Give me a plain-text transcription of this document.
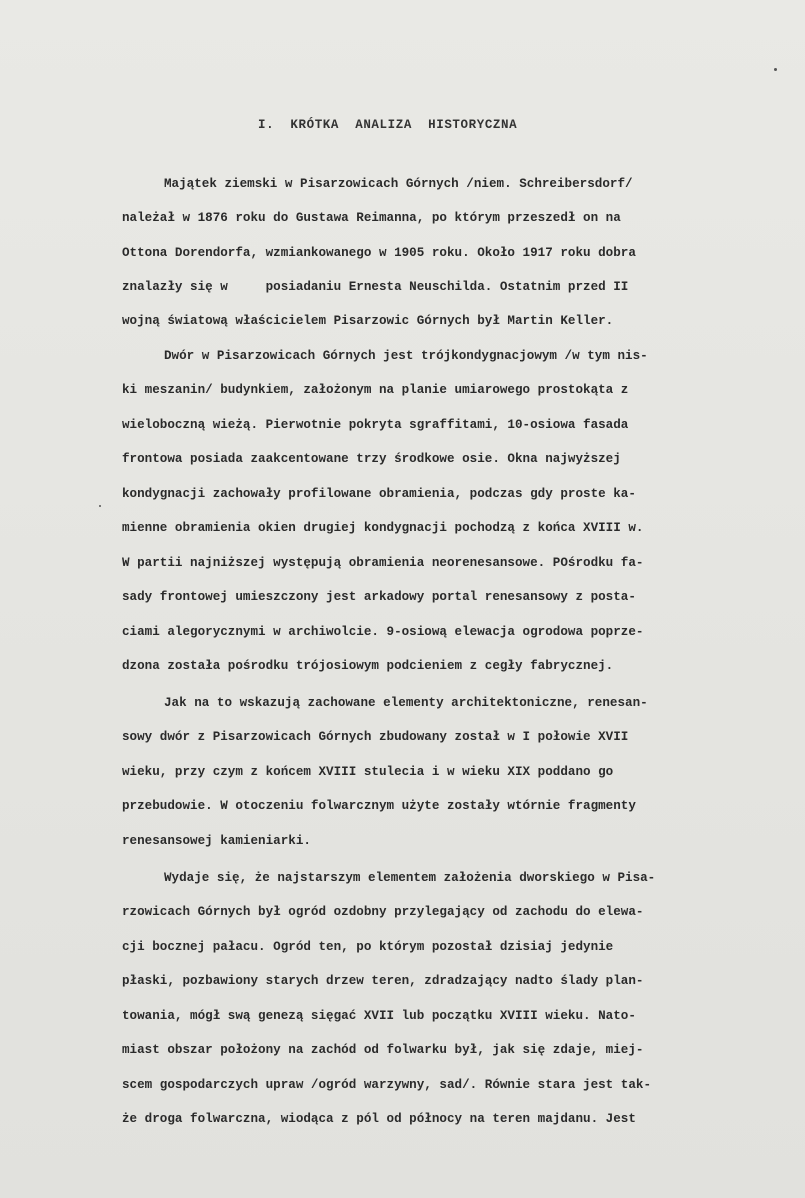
I.  KRÓTKA  ANALIZA  HISTORYCZNA
Majątek ziemski w Pisarzowicach Górnych /niem. Schreibersdorf/
należał w 1876 roku do Gustawa Reimanna, po którym przeszedł on na
Ottona Dorendorfa, wzmiankowanego w 1905 roku. Około 1917 roku dobra
znalazły się w     posiadaniu Ernesta Neuschilda. Ostatnim przed II
wojną światową właścicielem Pisarzowic Górnych był Martin Keller.
Dwór w Pisarzowicach Górnych jest trójkondygnacjowym /w tym nis-
ki meszanin/ budynkiem, założonym na planie umiarowego prostokąta z
wieloboczną wieżą. Pierwotnie pokryta sgraffitami, 10-osiowa fasada
frontowa posiada zaakcentowane trzy środkowe osie. Okna najwyższej
kondygnacji zachowały profilowane obramienia, podczas gdy proste ka-
mienne obramienia okien drugiej kondygnacji pochodzą z końca XVIII w.
W partii najniższej występują obramienia neorenesansowe. POśrodku fa-
sady frontowej umieszczony jest arkadowy portal renesansowy z posta-
ciami alegorycznymi w archiwolcie. 9-osiową elewacja ogrodowa poprze-
dzona została pośrodku trójosiowym podcieniem z cegły fabrycznej.
Jak na to wskazują zachowane elementy architektoniczne, renesan-
sowy dwór z Pisarzowicach Górnych zbudowany został w I połowie XVII
wieku, przy czym z końcem XVIII stulecia i w wieku XIX poddano go
przebudowie. W otoczeniu folwarcznym użyte zostały wtórnie fragmenty
renesansowej kamieniarki.
Wydaje się, że najstarszym elementem założenia dworskiego w Pisa-
rzowicach Górnych był ogród ozdobny przylegający od zachodu do elewa-
cji bocznej pałacu. Ogród ten, po którym pozostał dzisiaj jedynie
płaski, pozbawiony starych drzew teren, zdradzający nadto ślady plan-
towania, mógł swą genezą sięgać XVII lub początku XVIII wieku. Nato-
miast obszar położony na zachód od folwarku był, jak się zdaje, miej-
scem gospodarczych upraw /ogród warzywny, sad/. Równie stara jest tak-
że droga folwarczna, wiodąca z pól od północy na teren majdanu. Jest
